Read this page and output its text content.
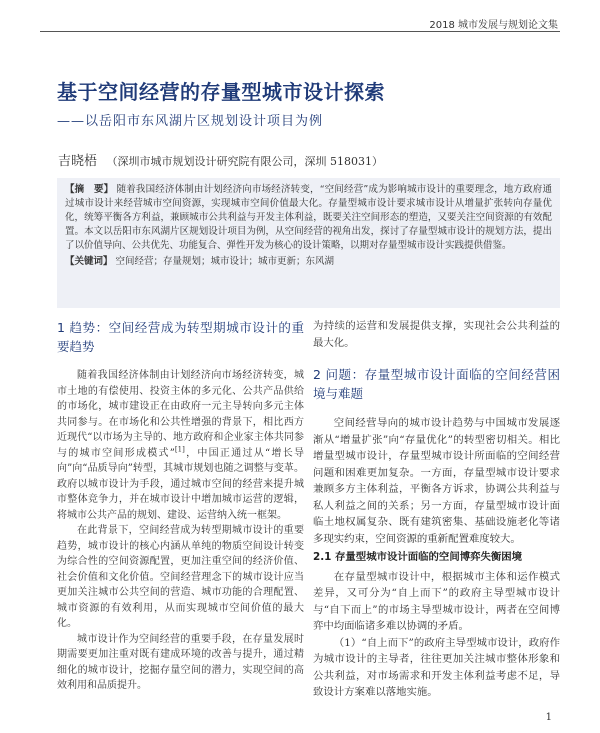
2018 城市发展与规划论文集
基于空间经营的存量型城市设计探索
——以岳阳市东风湖片区规划设计项目为例
吉晓梧 （深圳市城市规划设计研究院有限公司，深圳 518031）

【摘　要】 随着我国经济体制由计划经济向市场经济转变，“空间经营”成为影响城市设计的重要理念，地方政府通过城市设计来经营城市空间资源，实现城市空间价值最大化。存量型城市设计要求城市设计从增量扩张转向存量优化，统筹平衡各方利益，兼顾城市公共利益与开发主体利益，既要关注空间形态的塑造，又要关注空间资源的有效配置。本文以岳阳市东风湖片区规划设计项目为例，从空间经营的视角出发，探讨了存量型城市设计的规划方法，提出了以价值导向、公共优先、功能复合、弹性开发为核心的设计策略，以期对存量型城市设计实践提供借鉴。

【关键词】 空间经营；存量规划；城市设计；城市更新；东风湖

1 趋势：空间经营成为转型期城市设计的重要趋势

随着我国经济体制由计划经济向市场经济转变，城市土地的有偿使用、投资主体的多元化、公共产品供给的市场化，城市建设正在由政府一元主导转向多元主体共同参与。在市场化和公共性增强的背景下，相比西方近现代“以市场为主导的、地方政府和企业家主体共同参与的城市空间形成模式”[1]，中国正通过从“增长导向”向“品质导向”转型，其城市规划也随之调整与变革。政府以城市设计为手段，通过城市空间的经营来提升城市整体竞争力，并在城市设计中增加城市运营的逻辑，将城市公共产品的规划、建设、运营纳入统一框架。

在此背景下，空间经营成为转型期城市设计的重要趋势，城市设计的核心内涵从单纯的物质空间设计转变为综合性的空间资源配置，更加注重空间的经济价值、社会价值和文化价值。空间经营理念下的城市设计应当更加关注城市公共空间的营造、城市功能的合理配置、城市资源的有效利用，从而实现城市空间价值的最大化。

城市设计作为空间经营的重要手段，在存量发展时期需要更加注重对既有建成环境的改善与提升，通过精细化的城市设计，挖掘存量空间的潜力，实现空间的高效利用和品质提升。

为持续的运营和发展提供支撑，实现社会公共利益的最大化。

2 问题：存量型城市设计面临的空间经营困境与难题

空间经营导向的城市设计趋势与中国城市发展逐渐从“增量扩张”向“存量优化”的转型密切相关。相比增量型城市设计，存量型城市设计所面临的空间经营问题和困难更加复杂。一方面，存量型城市设计要求兼顾多方主体利益，平衡各方诉求，协调公共利益与私人利益之间的关系；另一方面，存量型城市设计面临土地权属复杂、既有建筑密集、基础设施老化等诸多现实约束，空间资源的重新配置难度较大。

2.1 存量型城市设计面临的空间博弈失衡困境

在存量型城市设计中，根据城市主体和运作模式差异，又可分为“自上而下”的政府主导型城市设计与“自下而上”的市场主导型城市设计，两者在空间博弈中均面临诸多难以协调的矛盾。

（1）“自上而下”的政府主导型城市设计，政府作为城市设计的主导者，往往更加关注城市整体形象和公共利益，对市场需求和开发主体利益考虑不足，导致设计方案难以落地实施。

1
